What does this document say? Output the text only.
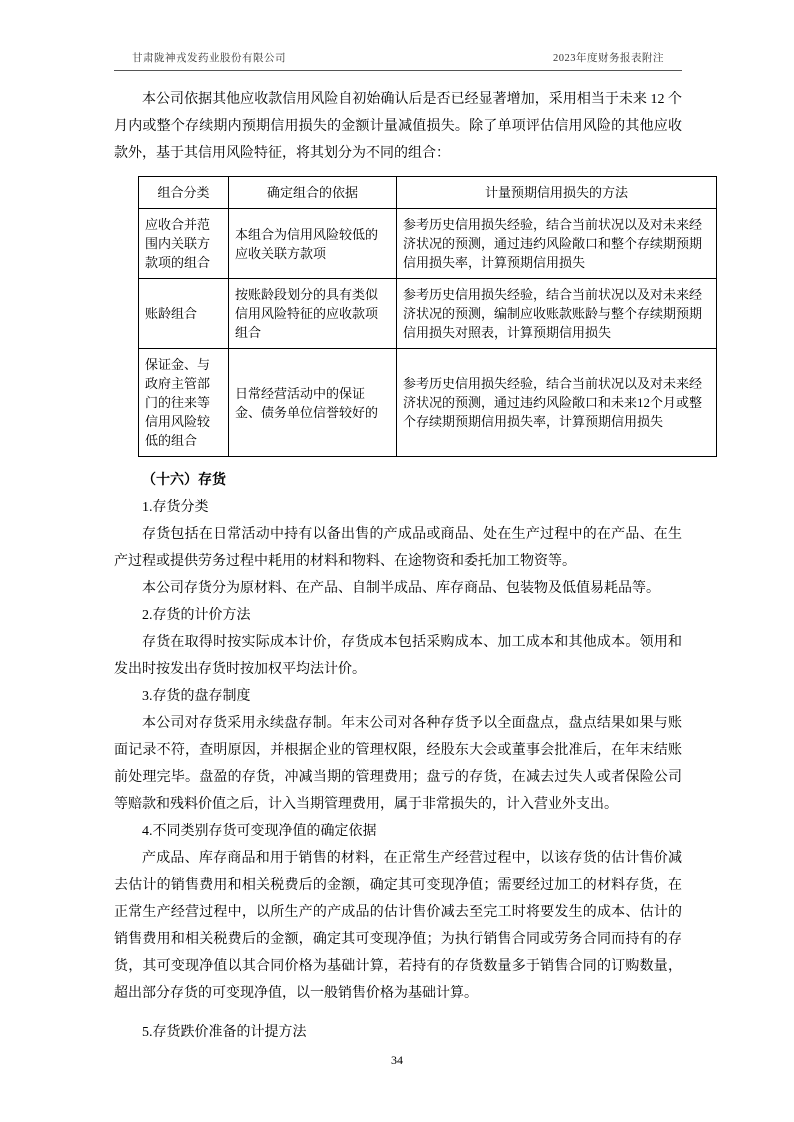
甘肃陇神戎发药业股份有限公司	2023年度财务报表附注

本公司依据其他应收款信用风险自初始确认后是否已经显著增加，采用相当于未来 12 个月内或整个存续期内预期信用损失的金额计量减值损失。除了单项评估信用风险的其他应收款外，基于其信用风险特征，将其划分为不同的组合：

组合分类	确定组合的依据	计量预期信用损失的方法
应收合并范围内关联方款项的组合	本组合为信用风险较低的应收关联方款项	参考历史信用损失经验，结合当前状况以及对未来经济状况的预测，通过违约风险敞口和整个存续期预期信用损失率，计算预期信用损失
账龄组合	按账龄段划分的具有类似信用风险特征的应收款项组合	参考历史信用损失经验，结合当前状况以及对未来经济状况的预测，编制应收账款账龄与整个存续期预期信用损失对照表，计算预期信用损失
保证金、与政府主管部门的往来等信用风险较低的组合	日常经营活动中的保证金、债务单位信誉较好的	参考历史信用损失经验，结合当前状况以及对未来经济状况的预测，通过违约风险敞口和未来12个月或整个存续期预期信用损失率，计算预期信用损失
（十六）存货

1.存货分类

存货包括在日常活动中持有以备出售的产成品或商品、处在生产过程中的在产品、在生产过程或提供劳务过程中耗用的材料和物料、在途物资和委托加工物资等。

本公司存货分为原材料、在产品、自制半成品、库存商品、包装物及低值易耗品等。

2.存货的计价方法

存货在取得时按实际成本计价，存货成本包括采购成本、加工成本和其他成本。领用和发出时按发出存货时按加权平均法计价。

3.存货的盘存制度

本公司对存货采用永续盘存制。年末公司对各种存货予以全面盘点，盘点结果如果与账面记录不符，查明原因，并根据企业的管理权限，经股东大会或董事会批准后，在年末结账前处理完毕。盘盈的存货，冲减当期的管理费用；盘亏的存货，在减去过失人或者保险公司等赔款和残料价值之后，计入当期管理费用，属于非常损失的，计入营业外支出。

4.不同类别存货可变现净值的确定依据

产成品、库存商品和用于销售的材料，在正常生产经营过程中，以该存货的估计售价减去估计的销售费用和相关税费后的金额，确定其可变现净值；需要经过加工的材料存货，在正常生产经营过程中，以所生产的产成品的估计售价减去至完工时将要发生的成本、估计的销售费用和相关税费后的金额，确定其可变现净值；为执行销售合同或劳务合同而持有的存货，其可变现净值以其合同价格为基础计算，若持有的存货数量多于销售合同的订购数量，超出部分存货的可变现净值，以一般销售价格为基础计算。

5.存货跌价准备的计提方法

34
